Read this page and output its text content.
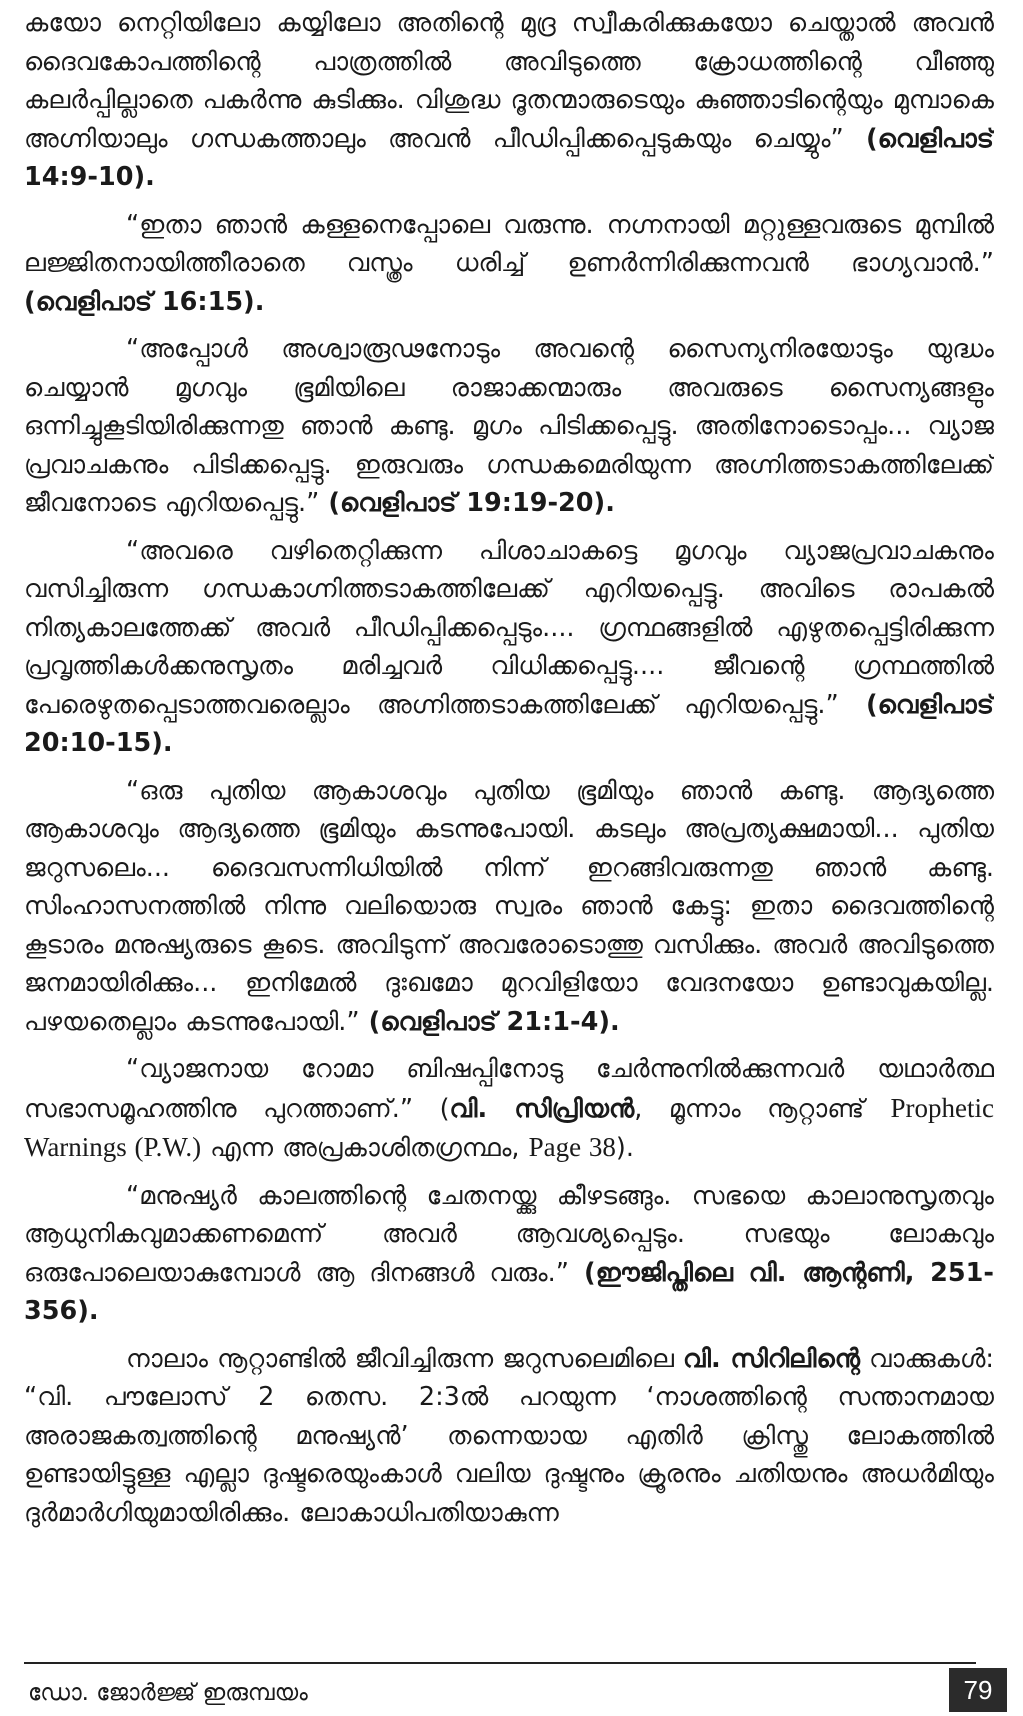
കയോ നെറ്റിയിലോ കയ്യിലോ അതിന്റെ മുദ്ര സ്വീകരിക്കുകയോ ചെയ്താൽ അവൻ ദൈവകോപത്തിന്റെ പാത്രത്തിൽ അവിടുത്തെ ക്രോധത്തിന്റെ വീഞ്ഞു കലർപ്പില്ലാതെ പകർന്നു കുടിക്കും. വിശുദ്ധ ദൂതന്മാരുടെയും കുഞ്ഞാടിന്റെയും മുമ്പാകെ അഗ്നിയാലും ഗന്ധകത്താലും അവൻ പീഡിപ്പിക്കപ്പെടുകയും ചെയ്യും” (വെളിപാട് 14:9-10).

“ഇതാ ഞാൻ കള്ളനെപ്പോലെ വരുന്നു. നഗ്നനായി മറ്റുള്ളവരുടെ മുമ്പിൽ ലജ്ജിതനായിത്തീരാതെ വസ്ത്രം ധരിച്ച് ഉണർന്നിരിക്കുന്നവൻ ഭാഗ്യവാൻ.” (വെളിപാട് 16:15).

“അപ്പോൾ അശ്വാരൂഢനോടും അവന്റെ സൈന്യനിരയോടും യുദ്ധം ചെയ്യാൻ മൃഗവും ഭൂമിയിലെ രാജാക്കന്മാരും അവരുടെ സൈന്യങ്ങളും ഒന്നിച്ചുകൂടിയിരിക്കുന്നതു ഞാൻ കണ്ടു. മൃഗം പിടിക്കപ്പെട്ടു. അതിനോടൊപ്പം... വ്യാജ പ്രവാചകനും പിടിക്കപ്പെട്ടു. ഇരുവരും ഗന്ധകമെരിയുന്ന അഗ്നിത്തടാകത്തിലേക്ക് ജീവനോടെ എറിയപ്പെട്ടു.” (വെളിപാട് 19:19-20).

“അവരെ വഴിതെറ്റിക്കുന്ന പിശാചാകട്ടെ മൃഗവും വ്യാജപ്രവാചകനും വസിച്ചിരുന്ന ഗന്ധകാഗ്നിത്തടാകത്തിലേക്ക് എറിയപ്പെട്ടു. അവിടെ രാപകൽ നിത്യകാലത്തേക്ക് അവർ പീഡിപ്പിക്കപ്പെടും.... ഗ്രന്ഥങ്ങളിൽ എഴുതപ്പെട്ടിരിക്കുന്ന പ്രവൃത്തികൾക്കനുസൃതം മരിച്ചവർ വിധിക്കപ്പെട്ടു.... ജീവന്റെ ഗ്രന്ഥത്തിൽ പേരെഴുതപ്പെടാത്തവരെല്ലാം അഗ്നിത്തടാകത്തിലേക്ക് എറിയപ്പെട്ടു.” (വെളിപാട് 20:10-15).

“ഒരു പുതിയ ആകാശവും പുതിയ ഭൂമിയും ഞാൻ കണ്ടു. ആദ്യത്തെ ആകാശവും ആദ്യത്തെ ഭൂമിയും കടന്നുപോയി. കടലും അപ്രത്യക്ഷമായി... പുതിയ ജറുസലെം... ദൈവസന്നിധിയിൽ നിന്ന് ഇറങ്ങിവരുന്നതു ഞാൻ കണ്ടു. സിംഹാസനത്തിൽ നിന്നു വലിയൊരു സ്വരം ഞാൻ കേട്ടു: ഇതാ ദൈവത്തിന്റെ കൂടാരം മനുഷ്യരുടെ കൂടെ. അവിടുന്ന് അവരോടൊത്തു വസിക്കും. അവർ അവിടുത്തെ ജനമായിരിക്കും... ഇനിമേൽ ദുഃഖമോ മുറവിളിയോ വേദനയോ ഉണ്ടാവുകയില്ല. പഴയതെല്ലാം കടന്നുപോയി.” (വെളിപാട് 21:1-4).

“വ്യാജനായ റോമാ ബിഷപ്പിനോടു ചേർന്നുനിൽക്കുന്നവർ യഥാർത്ഥ സഭാസമൂഹത്തിനു പുറത്താണ്.” (വി. സിപ്രിയൻ, മൂന്നാം നൂറ്റാണ്ട് Prophetic Warnings (P.W.) എന്ന അപ്രകാശിതഗ്രന്ഥം, Page 38).

“മനുഷ്യർ കാലത്തിന്റെ ചേതനയ്ക്കു കീഴടങ്ങും. സഭയെ കാലാനുസൃതവും ആധുനികവുമാക്കണമെന്ന് അവർ ആവശ്യപ്പെടും. സഭയും ലോകവും ഒരുപോലെയാകുമ്പോൾ ആ ദിനങ്ങൾ വരും.” (ഈജിപ്തിലെ വി. ആന്റണി, 251-356).

നാലാം നൂറ്റാണ്ടിൽ ജീവിച്ചിരുന്ന ജറുസലെമിലെ വി. സിറിലിന്റെ വാക്കുകൾ: “വി. പൗലോസ് 2 തെസ. 2:3ൽ പറയുന്ന ‘നാശത്തിന്റെ സന്താനമായ അരാജകത്വത്തിന്റെ മനുഷ്യൻ’ തന്നെയായ എതിർ ക്രിസ്തു ലോകത്തിൽ ഉണ്ടായിട്ടുള്ള എല്ലാ ദുഷ്ടരെയുംകാൾ വലിയ ദുഷ്ടനും ക്രൂരനും ചതിയനും അധർമിയും ദുർമാർഗിയുമായിരിക്കും. ലോകാധിപതിയാകുന്ന

ഡോ. ജോർജ്ജ് ഇരുമ്പയം	79
